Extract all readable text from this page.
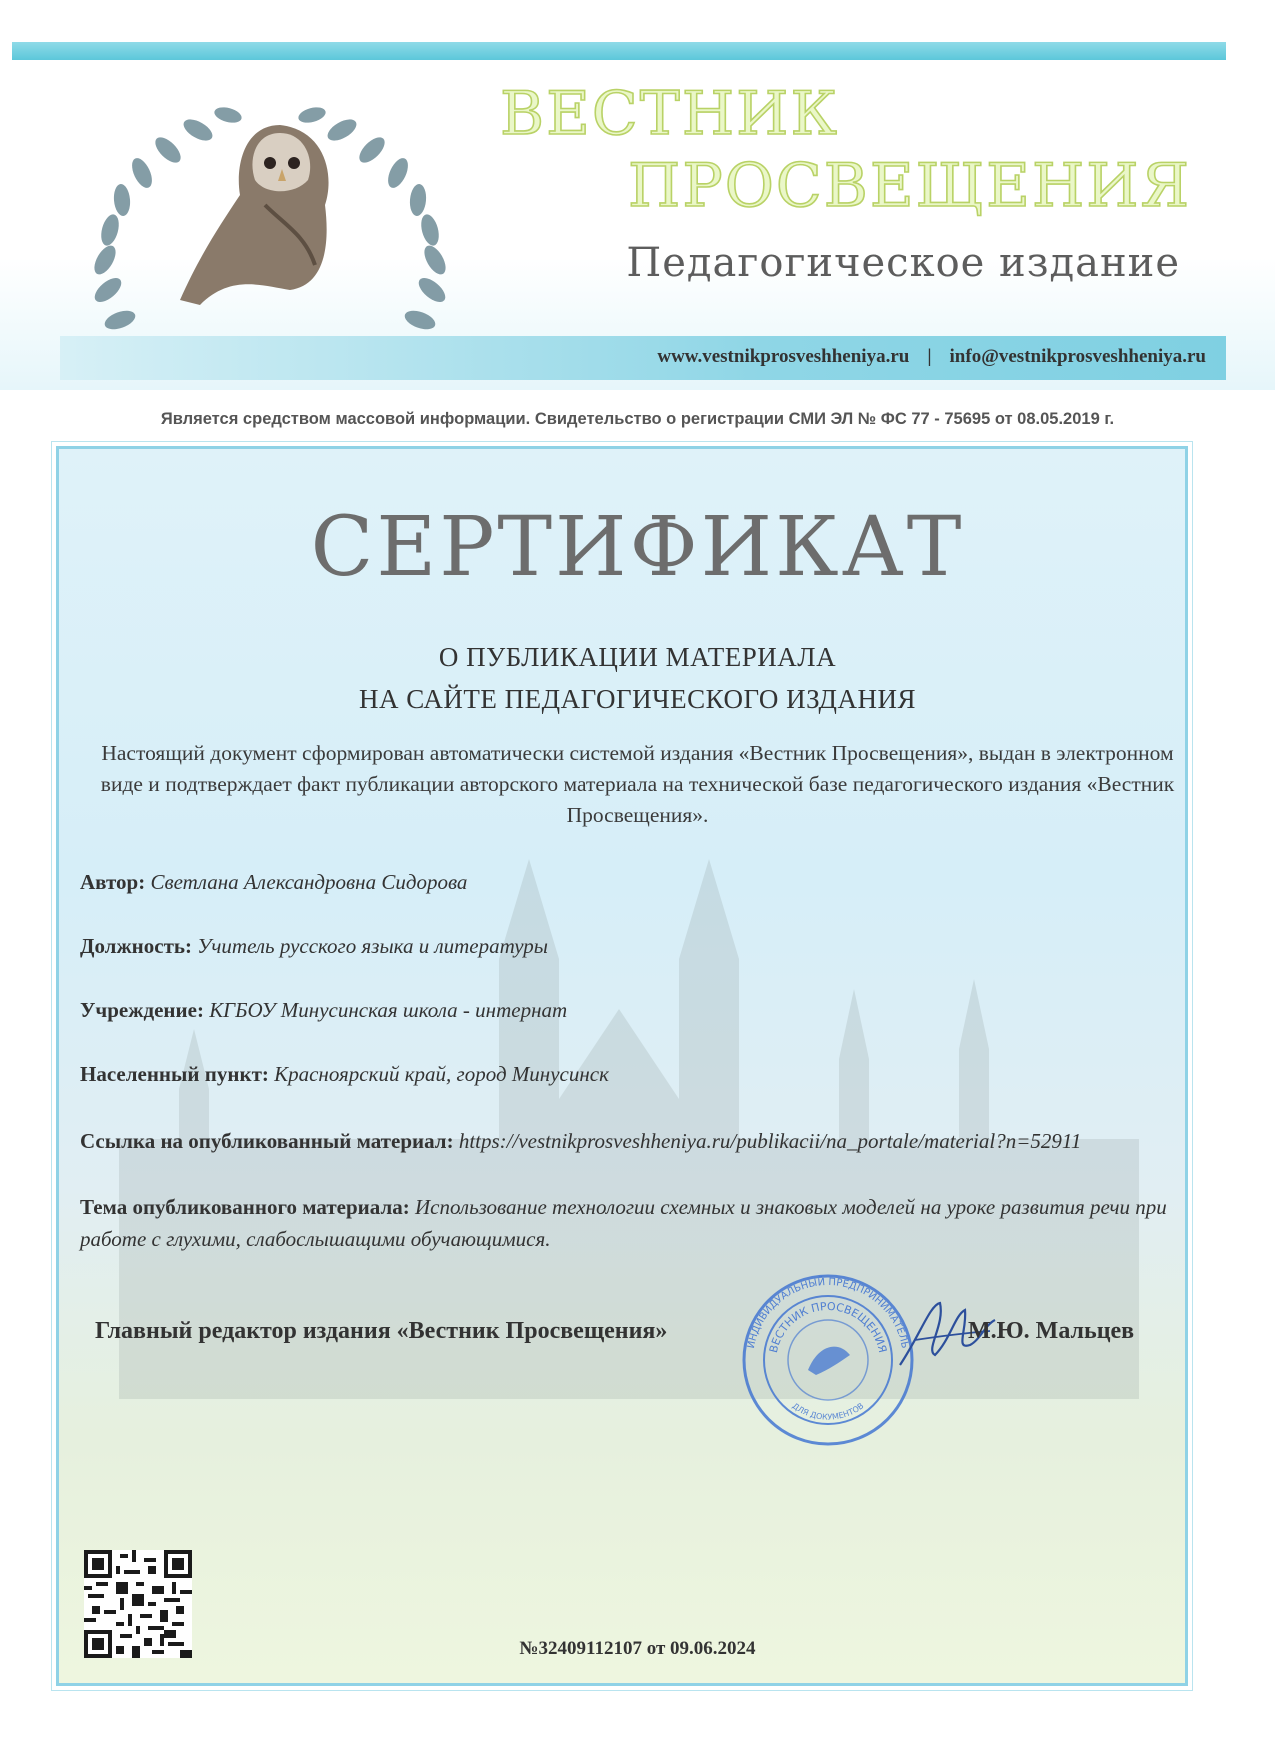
ВЕСТНИК
ПРОСВЕЩЕНИЯ
Педагогическое издание
www.vestnikprosveshheniya.ru | info@vestnikprosveshheniya.ru
Является средством массовой информации. Свидетельство о регистрации СМИ ЭЛ № ФС 77 - 75695 от 08.05.2019 г.
СЕРТИФИКАТ
О ПУБЛИКАЦИИ МАТЕРИАЛА
НА САЙТЕ ПЕДАГОГИЧЕСКОГО ИЗДАНИЯ
Настоящий документ сформирован автоматически системой издания «Вестник Просвещения», выдан в электронном виде и подтверждает факт публикации авторского материала на технической базе педагогического издания «Вестник Просвещения».
Автор: Светлана Александровна Сидорова
Должность: Учитель русского языка и литературы
Учреждение: КГБОУ Минусинская школа - интернат
Населенный пункт: Красноярский край, город Минусинск
Ссылка на опубликованный материал: https://vestnikprosveshheniya.ru/publikacii/na_portale/material?n=52911
Тема опубликованного материала: Использование технологии схемных и знаковых моделей на уроке развития речи при работе с глухими, слабослышащими обучающимися.
Главный редактор издания «Вестник Просвещения»
ИНДИВИДУАЛЬНЫЙ ПРЕДПРИНИМАТЕЛЬ
ВЕСТНИК ПРОСВЕЩЕНИЯ
ДЛЯ ДОКУМЕНТОВ
М.Ю. Мальцев
№32409112107 от 09.06.2024
